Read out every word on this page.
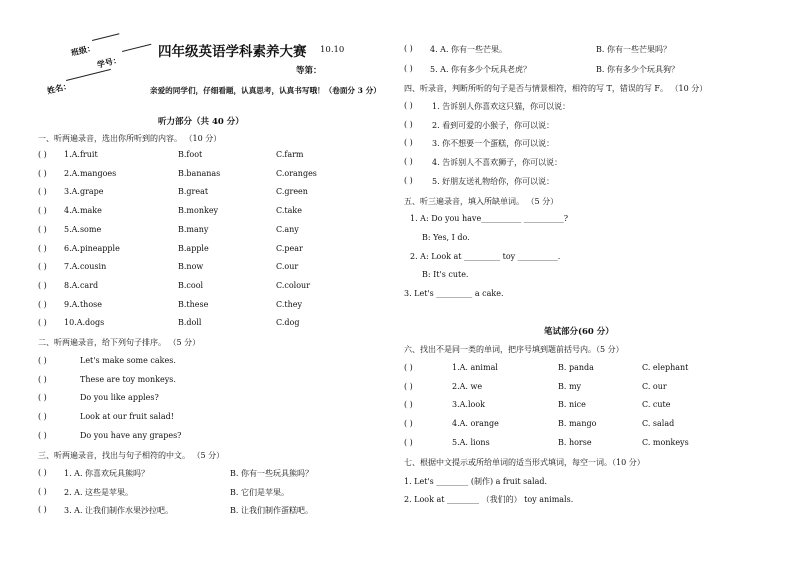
班级：
学号：
姓名：
四年级英语学科素养大赛 10.10
等第：
亲爱的同学们，仔细看题，认真思考，认真书写哦！（卷面分 3 分）
听力部分（共 40 分）
一、听两遍录音，选出你所听到的内容。 （10 分）
( ) 1.A.fruit	B.foot	C.farm
( ) 2.A.mangoes	B.bananas	C.oranges
( ) 3.A.grape	B.great	C.green
( ) 4.A.make	B.monkey	C.take
( ) 5.A.some	B.many	C.any
( ) 6.A.pineapple	B.apple	C.pear
( ) 7.A.cousin	B.now	C.our
( ) 8.A.card	B.cool	C.colour
( ) 9.A.those	B.these	C.they
( ) 10.A.dogs	B.doll	C.dog
二、听两遍录音，给下列句子排序。 （5 分）
( )	Let's make some cakes.
( )	These are toy monkeys.
( )	Do you like apples?
( )	Look at our fruit salad!
( )	Do you have any grapes?
三、听两遍录音，找出与句子相符的中文。 （5 分）
( ) 1. A. 你喜欢玩具熊吗？	B. 你有一些玩具熊吗？
( ) 2. A. 这些是苹果。	B. 它们是苹果。
( ) 3. A. 让我们制作水果沙拉吧。	B. 让我们制作蛋糕吧。
( ) 4. A. 你有一些芒果。	B. 你有一些芒果吗？
( ) 5. A. 你有多少个玩具老虎？	B. 你有多少个玩具狗？
四、听录音，判断所听的句子是否与情景相符，相符的写 T，错误的写 F。 （10 分）
( ) 1. 告诉别人你喜欢这只猫，你可以说：
( ) 2. 看到可爱的小猴子，你可以说：
( ) 3. 你不想要一个蛋糕，你可以说：
( ) 4. 告诉别人不喜欢狮子，你可以说：
( ) 5. 好朋友送礼物给你，你可以说：
五、听三遍录音，填入所缺单词。 （5 分）
1. A: Do you have__________ __________?
B: Yes, I do.
2. A: Look at _________ toy __________.
B: It's cute.
3. Let's _________ a cake.
笔试部分(60 分）
六、找出不是同一类的单词，把序号填到题前括号内。（5 分）
( )	1.A. animal	B. panda	C. elephant
( )	2.A. we	B. my	C. our
( )	3.A.look	B. nice	C. cute
( )	4.A. orange	B. mango	C. salad
( )	5.A. lions	B. horse	C. monkeys
七、根据中文提示或所给单词的适当形式填词，每空一词。（10 分）
1. Let's ________ (制作) a fruit salad.
2. Look at ________ （我们的） toy animals.
